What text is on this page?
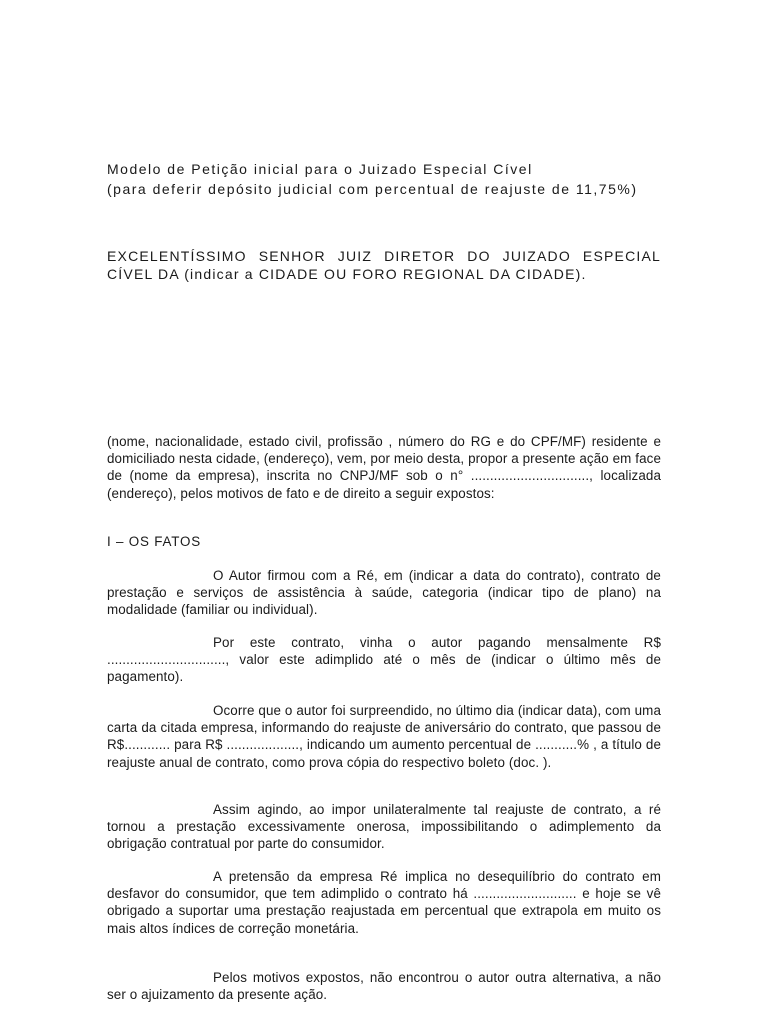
Modelo de Petição inicial para o Juizado Especial Cível

(para deferir depósito judicial com percentual de reajuste de 11,75%)

EXCELENTÍSSIMO SENHOR JUIZ DIRETOR DO JUIZADO ESPECIAL CÍVEL DA (indicar a CIDADE OU FORO REGIONAL DA CIDADE).

(nome, nacionalidade, estado civil, profissão , número do RG e do CPF/MF) residente e domiciliado nesta cidade, (endereço), vem, por meio desta, propor a presente ação em face de (nome da empresa), inscrita no CNPJ/MF sob o n° ..............................., localizada (endereço), pelos motivos de fato e de direito a seguir expostos:

I – OS FATOS

O Autor firmou com a Ré, em (indicar a data do contrato), contrato de prestação e serviços de assistência à saúde, categoria (indicar tipo de plano) na modalidade (familiar ou individual).

Por este contrato, vinha o autor pagando mensalmente R$ ..............................., valor este adimplido até o mês de (indicar o último mês de pagamento).

Ocorre que o autor foi surpreendido, no último dia (indicar data), com uma carta da citada empresa, informando do reajuste de aniversário do contrato, que passou de R$............ para R$ ..................., indicando um aumento percentual de ...........% , a título de reajuste anual de contrato, como prova cópia do respectivo boleto (doc. ).

Assim agindo, ao impor unilateralmente tal reajuste de contrato, a ré tornou a prestação excessivamente onerosa, impossibilitando o adimplemento da obrigação contratual por parte do consumidor.

A pretensão da empresa Ré implica no desequilíbrio do contrato em desfavor do consumidor, que tem adimplido o contrato há ........................... e hoje se vê obrigado a suportar uma prestação reajustada em percentual que extrapola em muito os mais altos índices de correção monetária.

Pelos motivos expostos, não encontrou o autor outra alternativa, a não ser o ajuizamento da presente ação.
